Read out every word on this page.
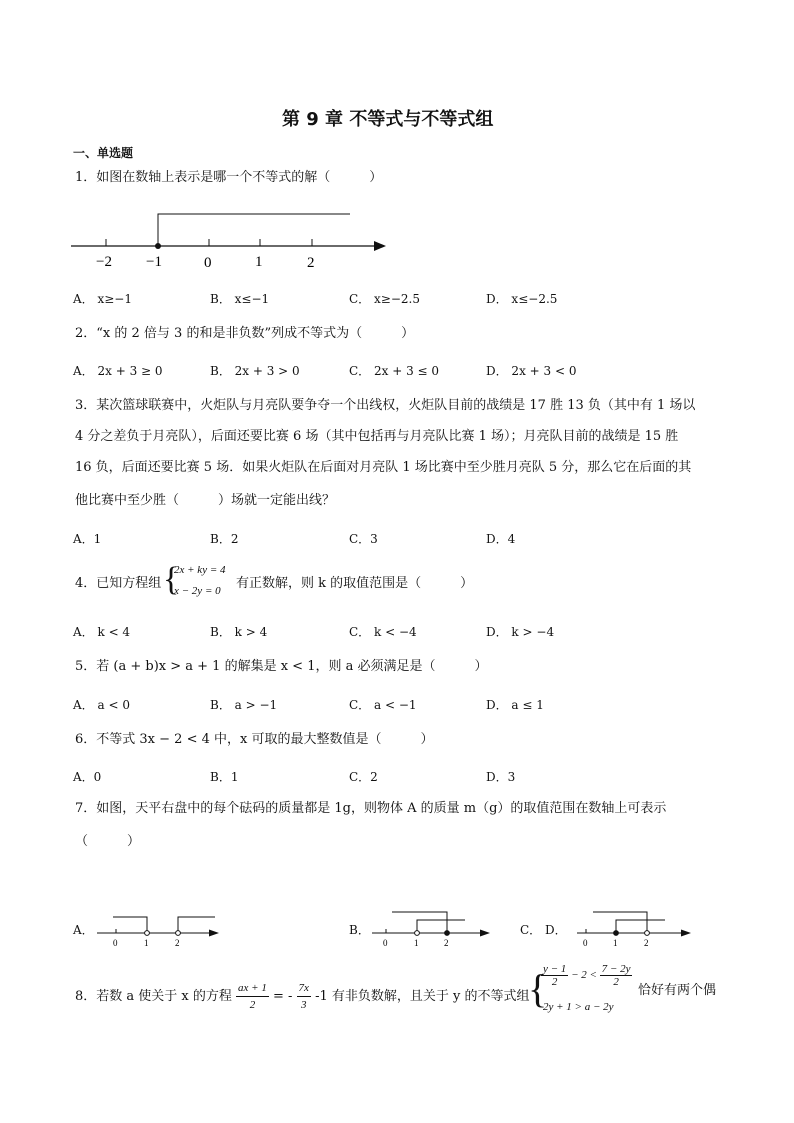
第 9 章 不等式与不等式组
一、单选题
1．如图在数轴上表示是哪一个不等式的解（　　　）
−2 −1	0	1	2
A． x≥−1	B． x≤−1	C． x≥−2.5	D． x≤−2.5
2．“x 的 2 倍与 3 的和是非负数”列成不等式为（　　　）
A． 2x + 3 ≥ 0	B． 2x + 3 > 0	C． 2x + 3 ≤ 0	D． 2x + 3 < 0
3．某次篮球联赛中，火炬队与月亮队要争夺一个出线权，火炬队目前的战绩是 17 胜 13 负（其中有 1 场以
4 分之差负于月亮队），后面还要比赛 6 场（其中包括再与月亮队比赛 1 场）；月亮队目前的战绩是 15 胜
16 负，后面还要比赛 5 场．如果火炬队在后面对月亮队 1 场比赛中至少胜月亮队 5 分，那么它在后面的其
他比赛中至少胜（　　　）场就一定能出线？
A．1	B．2	C．3	D．4
4．已知方程组 {
2x + ky = 4
x − 2y = 0 有正数解，则 k 的取值范围是（　　　）
A． k < 4	B． k > 4	C． k < −4	D． k > −4
5．若 (a + b)x > a + 1 的解集是 x < 1，则 a 必须满足是（　　　）
A． a < 0	B． a > −1	C． a < −1	D． a ≤ 1
6．不等式 3x − 2 < 4 中，x 可取的最大整数值是（　　　）
A．0	B．1	C．2	D．3
7．如图，天平右盘中的每个砝码的质量都是 1g，则物体 A 的质量 m（g）的取值范围在数轴上可表示
（　　　）
A．
0	1	2
B．
0	1	2
C． D．
0	1	2
8．若数 a 使关于 x 的方程 $\frac{ax + 1}{2}$ = - $\frac{7x}{3} -1$ 有非负数解，且关于 y 的不等式组
{
$\frac{y - 1}{2} - 2 < \frac{7 - 2y}{2}$
2y + 1 > a − 2y
恰好有两个偶
